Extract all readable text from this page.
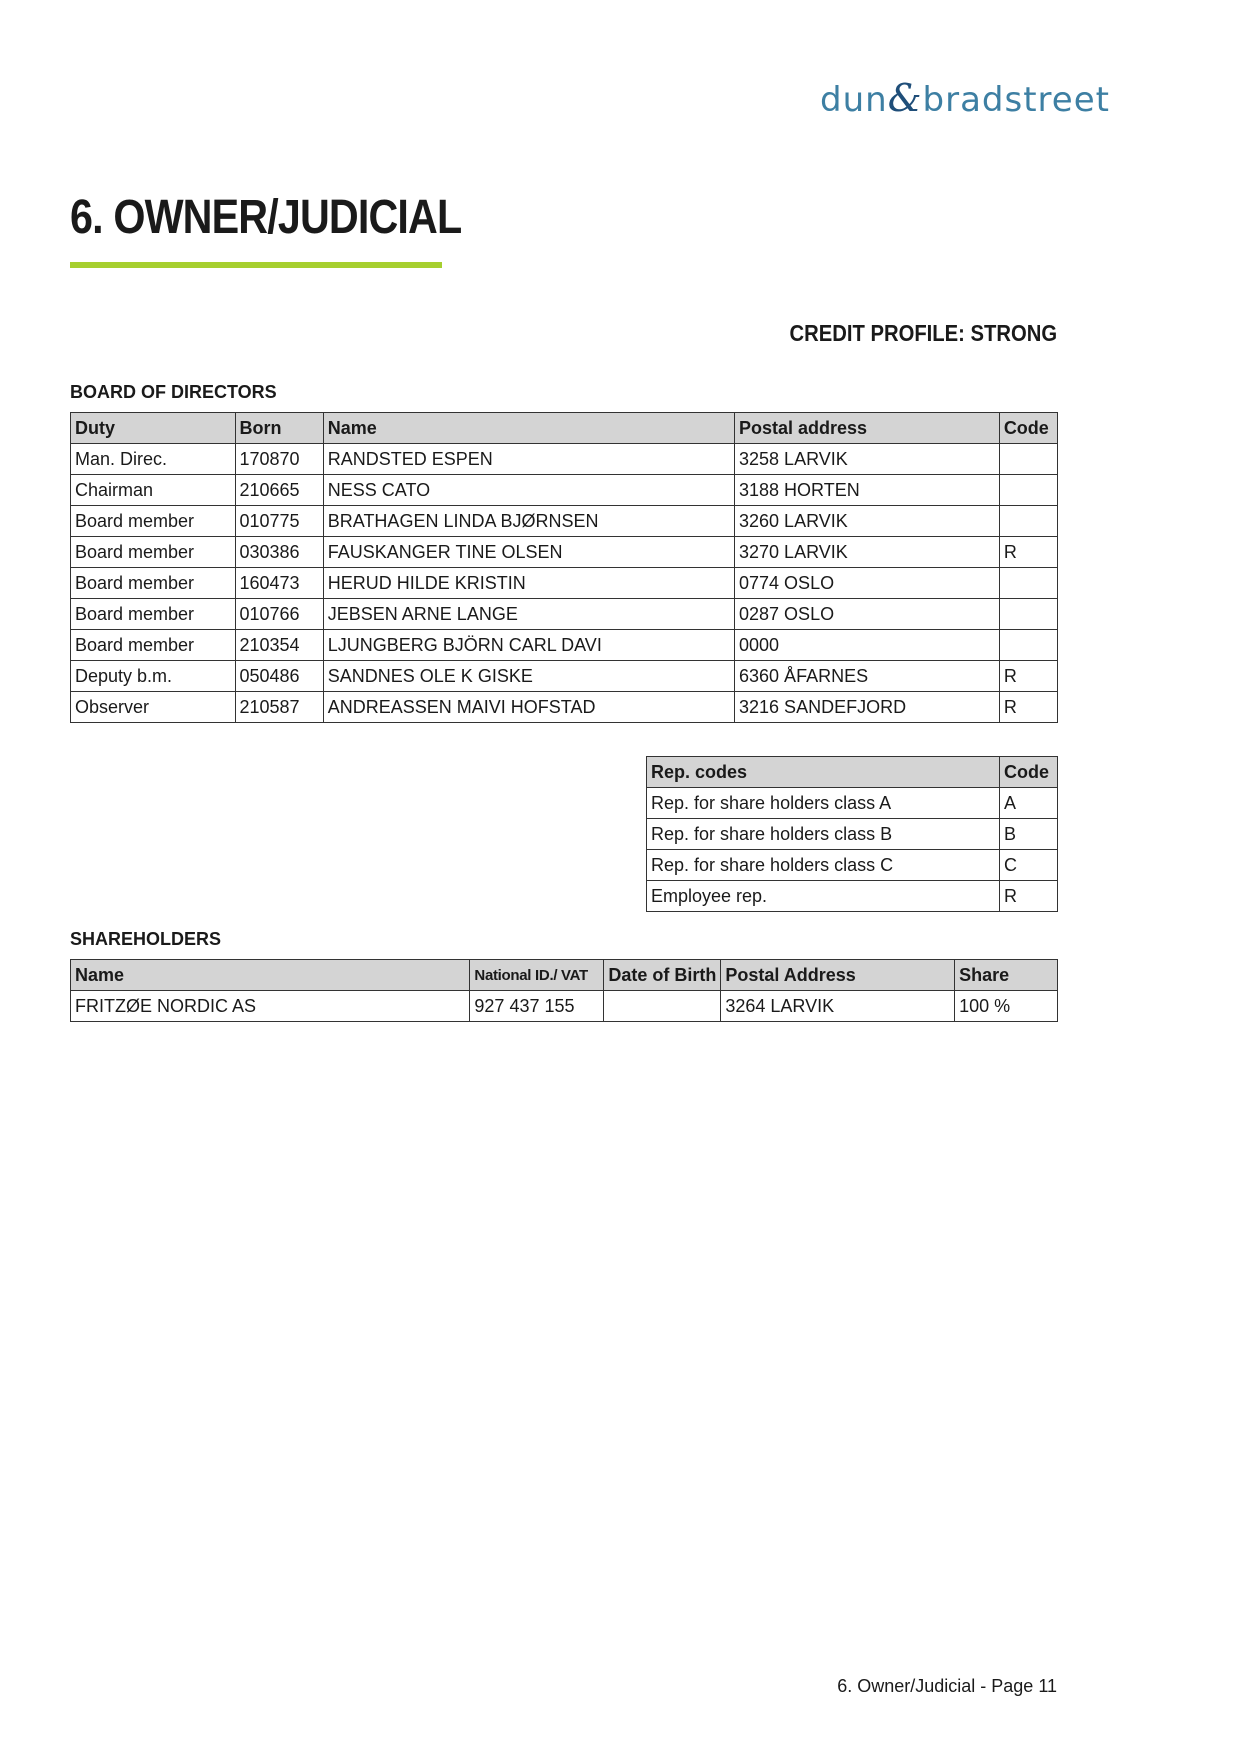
dun&bradstreet
6. OWNER/JUDICIAL
CREDIT PROFILE: STRONG
BOARD OF DIRECTORS
Duty	Born	Name	Postal address	Code
Man. Direc.	170870	RANDSTED ESPEN	3258 LARVIK	
Chairman	210665	NESS CATO	3188 HORTEN	
Board member	010775	BRATHAGEN LINDA BJØRNSEN	3260 LARVIK	
Board member	030386	FAUSKANGER TINE OLSEN	3270 LARVIK	R
Board member	160473	HERUD HILDE KRISTIN	0774 OSLO	
Board member	010766	JEBSEN ARNE LANGE	0287 OSLO	
Board member	210354	LJUNGBERG BJÖRN CARL DAVI	0000	
Deputy b.m.	050486	SANDNES OLE K GISKE	6360 ÅFARNES	R
Observer	210587	ANDREASSEN MAIVI HOFSTAD	3216 SANDEFJORD	R
Rep. codes	Code
Rep. for share holders class A	A
Rep. for share holders class B	B
Rep. for share holders class C	C
Employee rep.	R
SHAREHOLDERS
Name	National ID./ VAT	Date of Birth	Postal Address	Share
FRITZØE NORDIC AS	927 437 155		3264 LARVIK	100 %

6. Owner/Judicial - Page 11
